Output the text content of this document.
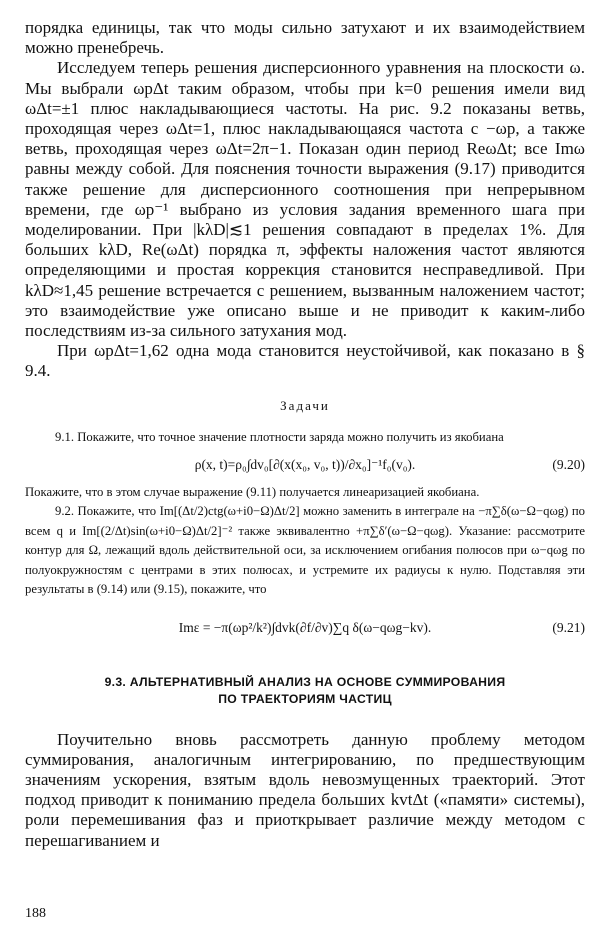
порядка единицы, так что моды сильно затухают и их взаимодействием можно пренебречь.

Исследуем теперь решения дисперсионного уравнения на плоскости ω. Мы выбрали ωpΔt таким образом, чтобы при k=0 решения имели вид ωΔt=±1 плюс накладывающиеся частоты. На рис. 9.2 показаны ветвь, проходящая через ωΔt=1, плюс накладывающаяся частота с −ωp, а также ветвь, проходящая через ωΔt=2π−1. Показан один период ReωΔt; все Imω равны между собой. Для пояснения точности выражения (9.17) приводится также решение для дисперсионного соотношения при непрерывном времени, где ωp⁻¹ выбрано из условия задания временного шага при моделировании. При |kλD|≲1 решения совпадают в пределах 1%. Для больших kλD, Re(ωΔt) порядка π, эффекты наложения частот являются определяющими и простая коррекция становится несправедливой. При kλD≈1,45 решение встречается с решением, вызванным наложением частот; это взаимодействие уже описано выше и не приводит к каким-либо последствиям из-за сильного затухания мод.

При ωpΔt=1,62 одна мода становится неустойчивой, как показано в § 9.4.

Задачи

9.1. Покажите, что точное значение плотности заряда можно получить из якобиана

ρ(x, t)=ρ₀∫dv₀[∂(x(x₀, v₀, t))/∂x₀]⁻¹f₀(v₀).	(9.20)

Покажите, что в этом случае выражение (9.11) получается линеаризацией якобиана.

9.2. Покажите, что Im[(Δt/2)ctg(ω+i0−Ω)Δt/2] можно заменить в интеграле на −π∑δ(ω−Ω−qωg) по всем q и Im[(2/Δt)sin(ω+i0−Ω)Δt/2]⁻² также эквивалентно +π∑δ′(ω−Ω−qωg). Указание: рассмотрите контур для Ω, лежащий вдоль действительной оси, за исключением огибания полюсов при ω−qωg по полуокружностям с центрами в этих полюсах, и устремите их радиусы к нулю. Подставляя эти результаты в (9.14) или (9.15), покажите, что

Imε = −π(ωp²/k²)∫dvk(∂f/∂v)∑q δ(ω−qωg−kv).	(9.21)
9.3. АЛЬТЕРНАТИВНЫЙ АНАЛИЗ НА ОСНОВЕ СУММИРОВАНИЯ
ПО ТРАЕКТОРИЯМ ЧАСТИЦ

Поучительно вновь рассмотреть данную проблему методом суммирования, аналогичным интегрированию, по предшествующим значениям ускорения, взятым вдоль невозмущенных траекторий. Этот подход приводит к пониманию предела больших kvtΔt («памяти» системы), роли перемешивания фаз и приоткрывает различие между методом с перешагиванием и

188
